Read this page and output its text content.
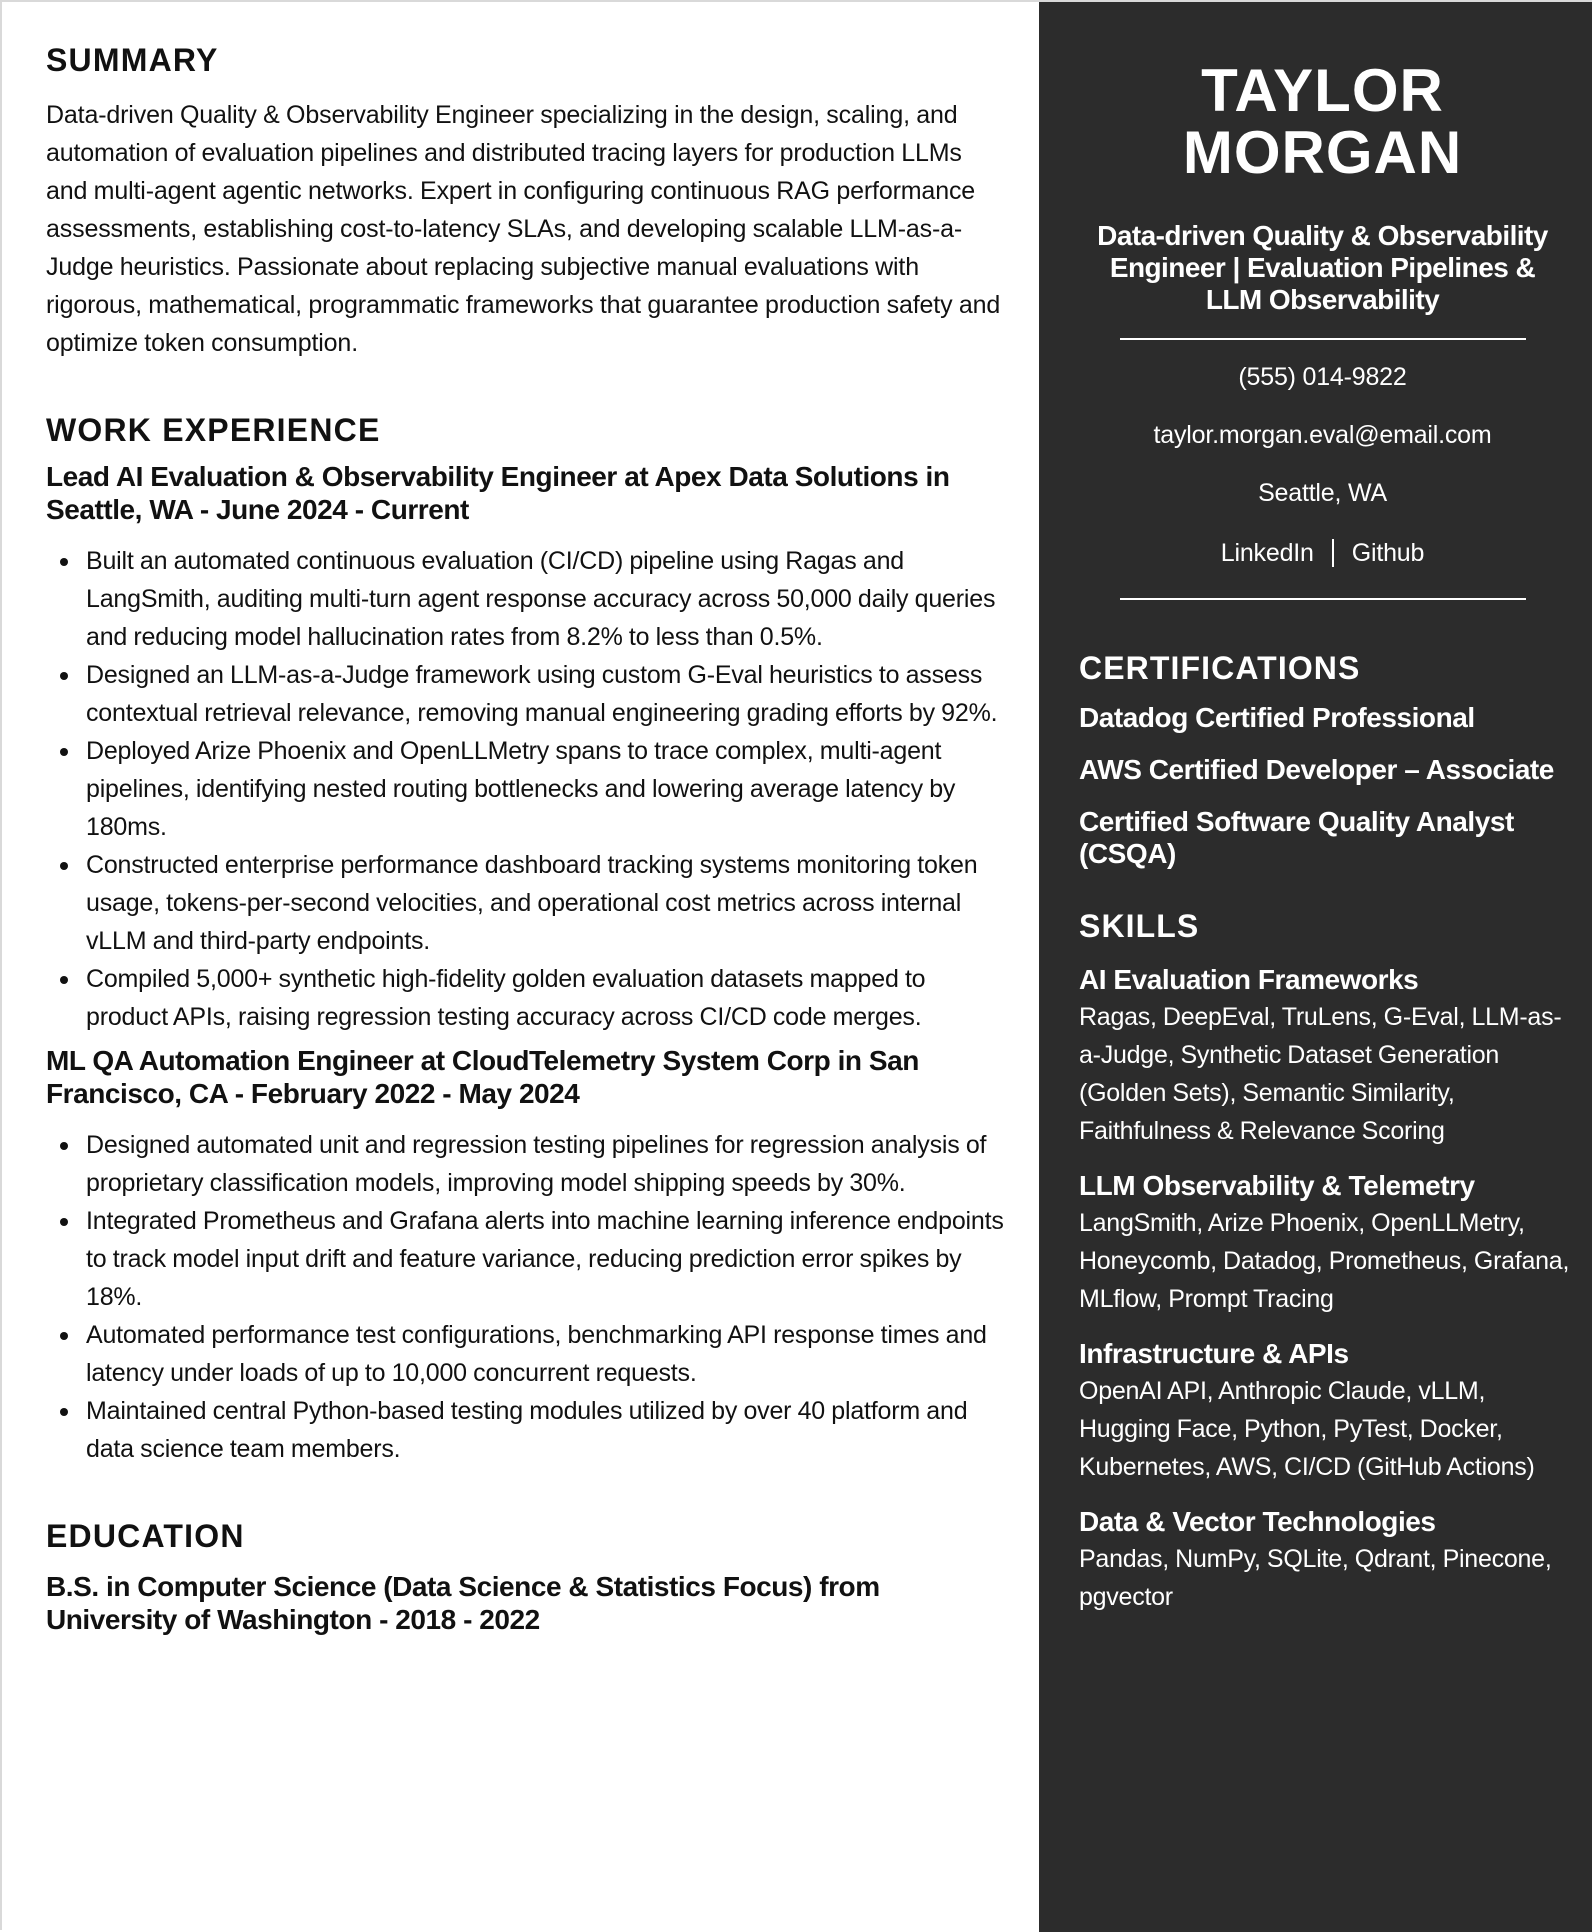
SUMMARY

Data-driven Quality & Observability Engineer specializing in the design, scaling, and automation of evaluation pipelines and distributed tracing layers for production LLMs and multi-agent agentic networks. Expert in configuring continuous RAG performance assessments, establishing cost-to-latency SLAs, and developing scalable LLM-as-a-Judge heuristics. Passionate about replacing subjective manual evaluations with rigorous, mathematical, programmatic frameworks that guarantee production safety and optimize token consumption.

WORK EXPERIENCE
Lead AI Evaluation & Observability Engineer at Apex Data Solutions in Seattle, WA - June 2024 - Current
Built an automated continuous evaluation (CI/CD) pipeline using Ragas and LangSmith, auditing multi-turn agent response accuracy across 50,000 daily queries and reducing model hallucination rates from 8.2% to less than 0.5%.
Designed an LLM-as-a-Judge framework using custom G-Eval heuristics to assess contextual retrieval relevance, removing manual engineering grading efforts by 92%.
Deployed Arize Phoenix and OpenLLMetry spans to trace complex, multi-agent pipelines, identifying nested routing bottlenecks and lowering average latency by 180ms.
Constructed enterprise performance dashboard tracking systems monitoring token usage, tokens-per-second velocities, and operational cost metrics across internal vLLM and third-party endpoints.
Compiled 5,000+ synthetic high-fidelity golden evaluation datasets mapped to product APIs, raising regression testing accuracy across CI/CD code merges.
ML QA Automation Engineer at CloudTelemetry System Corp in San Francisco, CA - February 2022 - May 2024
Designed automated unit and regression testing pipelines for regression analysis of proprietary classification models, improving model shipping speeds by 30%.
Integrated Prometheus and Grafana alerts into machine learning inference endpoints to track model input drift and feature variance, reducing prediction error spikes by 18%.
Automated performance test configurations, benchmarking API response times and latency under loads of up to 10,000 concurrent requests.
Maintained central Python-based testing modules utilized by over 40 platform and data science team members.
EDUCATION
B.S. in Computer Science (Data Science & Statistics Focus) from University of Washington - 2018 - 2022
TAYLOR
MORGAN
Data-driven Quality & Observability Engineer | Evaluation Pipelines & LLM Observability

(555) 014-9822

taylor.morgan.eval@email.com

Seattle, WA

LinkedIn Github
CERTIFICATIONS
Datadog Certified Professional
AWS Certified Developer – Associate
Certified Software Quality Analyst (CSQA)
SKILLS
AI Evaluation Frameworks

Ragas, DeepEval, TruLens, G-Eval, LLM-as-a-Judge, Synthetic Dataset Generation (Golden Sets), Semantic Similarity, Faithfulness & Relevance Scoring

LLM Observability & Telemetry

LangSmith, Arize Phoenix, OpenLLMetry, Honeycomb, Datadog, Prometheus, Grafana, MLflow, Prompt Tracing

Infrastructure & APIs

OpenAI API, Anthropic Claude, vLLM, Hugging Face, Python, PyTest, Docker, Kubernetes, AWS, CI/CD (GitHub Actions)

Data & Vector Technologies

Pandas, NumPy, SQLite, Qdrant, Pinecone, pgvector
